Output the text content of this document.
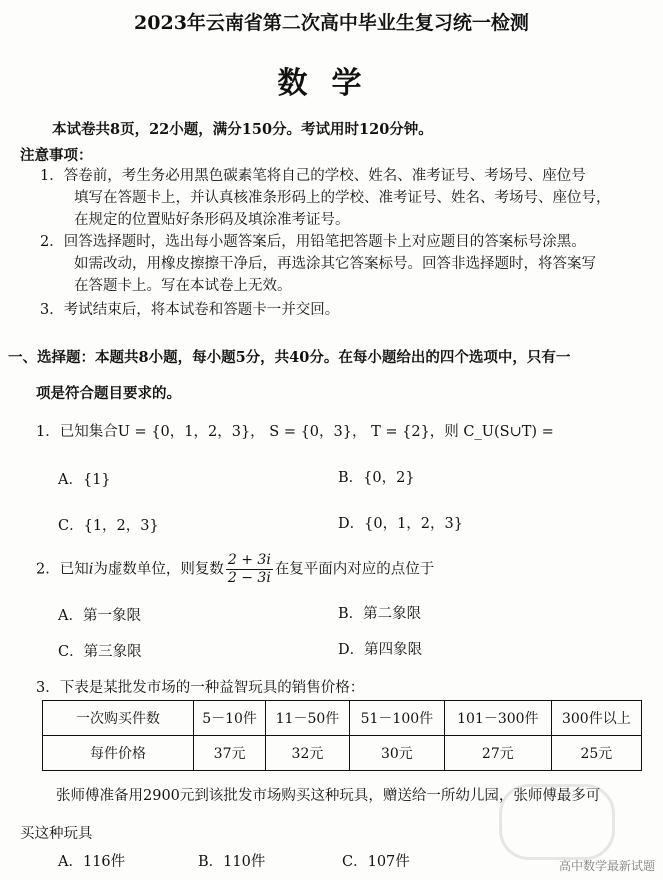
2023年云南省第二次高中毕业生复习统一检测
数学
本试卷共8页，22小题，满分150分。考试用时120分钟。
注意事项：
1．答卷前，考生务必用黑色碳素笔将自己的学校、姓名、准考证号、考场号、座位号
填写在答题卡上，并认真核准条形码上的学校、准考证号、姓名、考场号、座位号，
在规定的位置贴好条形码及填涂准考证号。
2．回答选择题时，选出每小题答案后，用铅笔把答题卡上对应题目的答案标号涂黑。
如需改动，用橡皮擦擦干净后，再选涂其它答案标号。回答非选择题时，将答案写
在答题卡上。写在本试卷上无效。
3．考试结束后，将本试卷和答题卡一并交回。
一、选择题：本题共8小题，每小题5分，共40分。在每小题给出的四个选项中，只有一
项是符合题目要求的。
1．已知集合U = {0，1，2，3}， S = {0，3}， T = {2}，则 C_U(S∪T) =
A．{1}	B．{0，2}
C．{1，2，3}	D．{0，1，2，3}
2．已知i为虚数单位，则复数 $\frac{2 + 3i}{2 - 3i}$ 在复平面内对应的点位于
A．第一象限	B．第二象限
C．第三象限	D．第四象限
3．下表是某批发市场的一种益智玩具的销售价格：
一次购买件数	5－10件	11－50件	51－100件	101－300件	300件以上
每件价格	37元	32元	30元	27元	25元
张师傅准备用2900元到该批发市场购买这种玩具，赠送给一所幼儿园，张师傅最多可
买这种玩具
A．116件	B．110件	C．107件	高中数学最新试题
